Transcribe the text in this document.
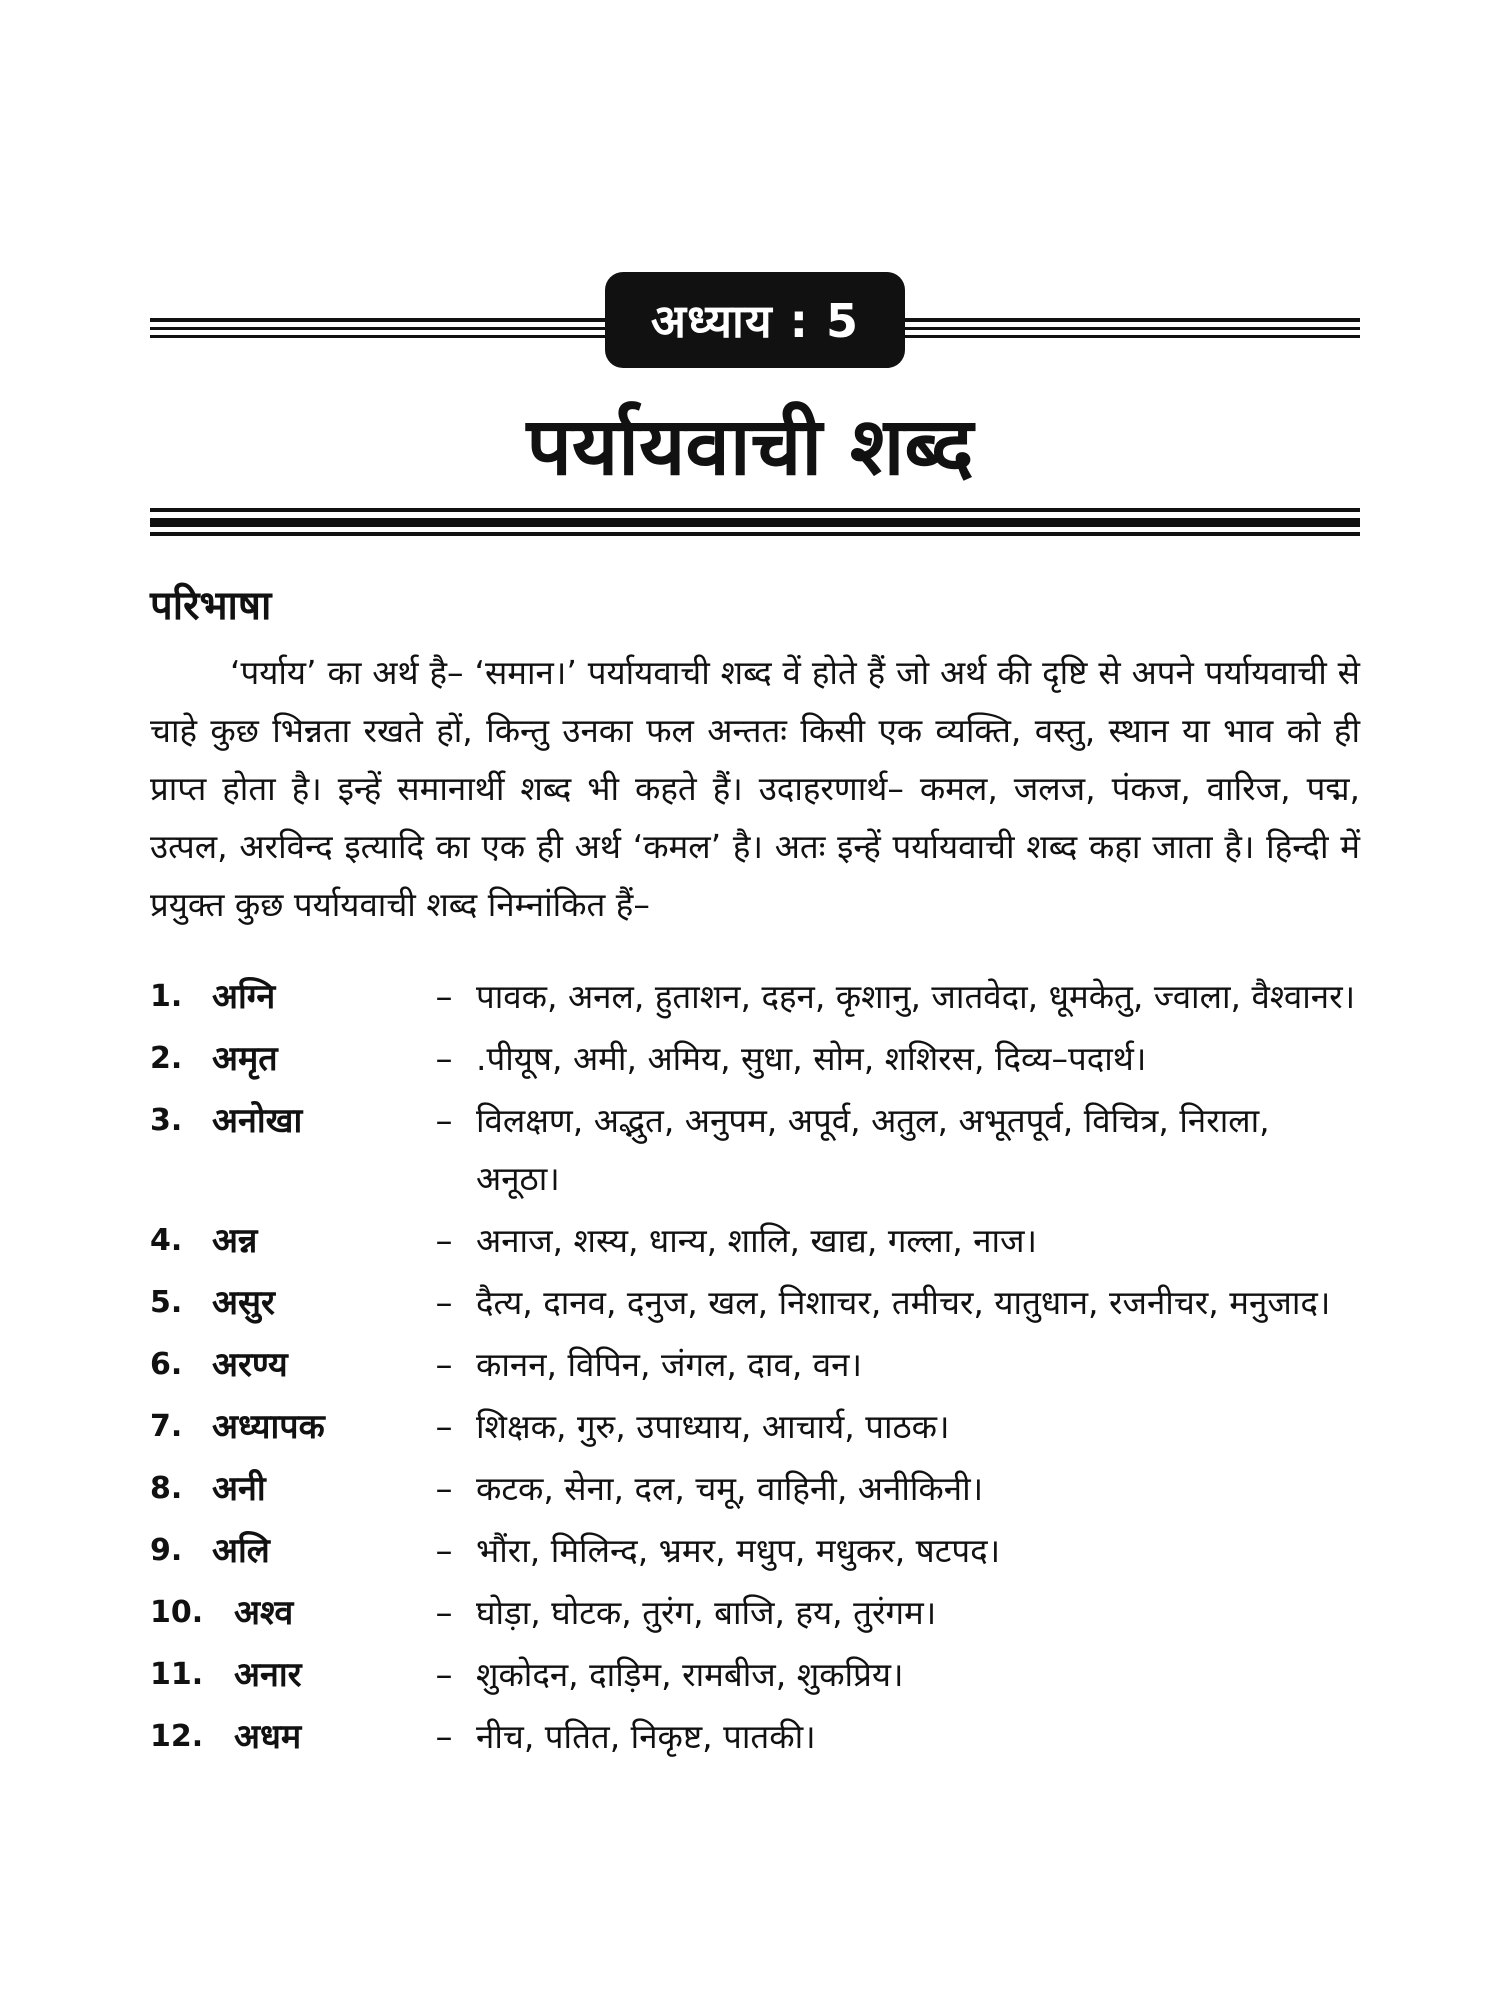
अध्याय : 5
पर्यायवाची शब्द
परिभाषा

‘पर्याय’ का अर्थ है– ‘समान।’ पर्यायवाची शब्द वें होते हैं जो अर्थ की दृष्टि से अपने पर्यायवाची से चाहे कुछ भिन्नता रखते हों, किन्तु उनका फल अन्ततः किसी एक व्यक्ति, वस्तु, स्थान या भाव को ही प्राप्त होता है। इन्हें समानार्थी शब्द भी कहते हैं। उदाहरणार्थ– कमल, जलज, पंकज, वारिज, पद्म, उत्पल, अरविन्द इत्यादि का एक ही अर्थ ‘कमल’ है। अतः इन्हें पर्यायवाची शब्द कहा जाता है। हिन्दी में प्रयुक्त कुछ पर्यायवाची शब्द निम्नांकित हैं–

1. अग्नि	– पावक, अनल, हुताशन, दहन, कृशानु, जातवेदा, धूमकेतु, ज्वाला, वैश्वानर।
2. अमृत	– .पीयूष, अमी, अमिय, सुधा, सोम, शशिरस, दिव्य–पदार्थ।
3. अनोखा	– विलक्षण, अद्भुत, अनुपम, अपूर्व, अतुल, अभूतपूर्व, विचित्र, निराला, अनूठा।
4. अन्न	– अनाज, शस्य, धान्य, शालि, खाद्य, गल्ला, नाज।
5. असुर	– दैत्य, दानव, दनुज, खल, निशाचर, तमीचर, यातुधान, रजनीचर, मनुजाद।
6. अरण्य	– कानन, विपिन, जंगल, दाव, वन।
7. अध्यापक	– शिक्षक, गुरु, उपाध्याय, आचार्य, पाठक।
8. अनी	– कटक, सेना, दल, चमू, वाहिनी, अनीकिनी।
9. अलि	– भौंरा, मिलिन्द, भ्रमर, मधुप, मधुकर, षटपद।
10. अश्व	– घोड़ा, घोटक, तुरंग, बाजि, हय, तुरंगम।
11. अनार	– शुकोदन, दाड़िम, रामबीज, शुकप्रिय।
12. अधम	– नीच, पतित, निकृष्ट, पातकी।
